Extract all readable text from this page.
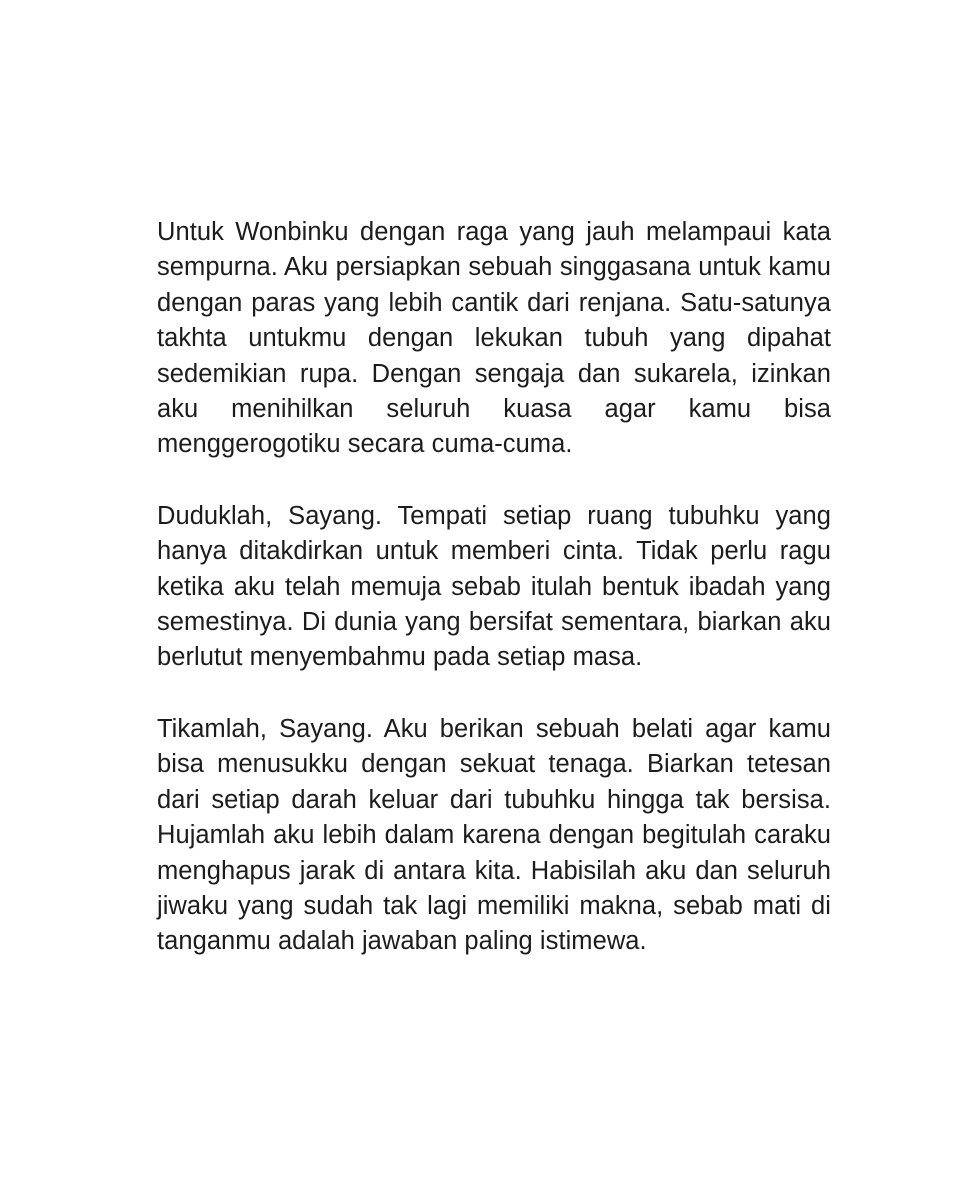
Untuk Wonbinku dengan raga yang jauh melampaui kata sempurna. Aku persiapkan sebuah singgasana untuk kamu dengan paras yang lebih cantik dari renjana. Satu-satunya takhta untukmu dengan lekukan tubuh yang dipahat sedemikian rupa. Dengan sengaja dan sukarela, izinkan aku menihilkan seluruh kuasa agar kamu bisa menggerogotiku secara cuma-cuma.

Duduklah, Sayang. Tempati setiap ruang tubuhku yang hanya ditakdirkan untuk memberi cinta. Tidak perlu ragu ketika aku telah memuja sebab itulah bentuk ibadah yang semestinya. Di dunia yang bersifat sementara, biarkan aku berlutut menyembahmu pada setiap masa.

Tikamlah, Sayang. Aku berikan sebuah belati agar kamu bisa menusukku dengan sekuat tenaga. Biarkan tetesan dari setiap darah keluar dari tubuhku hingga tak bersisa. Hujamlah aku lebih dalam karena dengan begitulah caraku menghapus jarak di antara kita. Habisilah aku dan seluruh jiwaku yang sudah tak lagi memiliki makna, sebab mati di tanganmu adalah jawaban paling istimewa.
